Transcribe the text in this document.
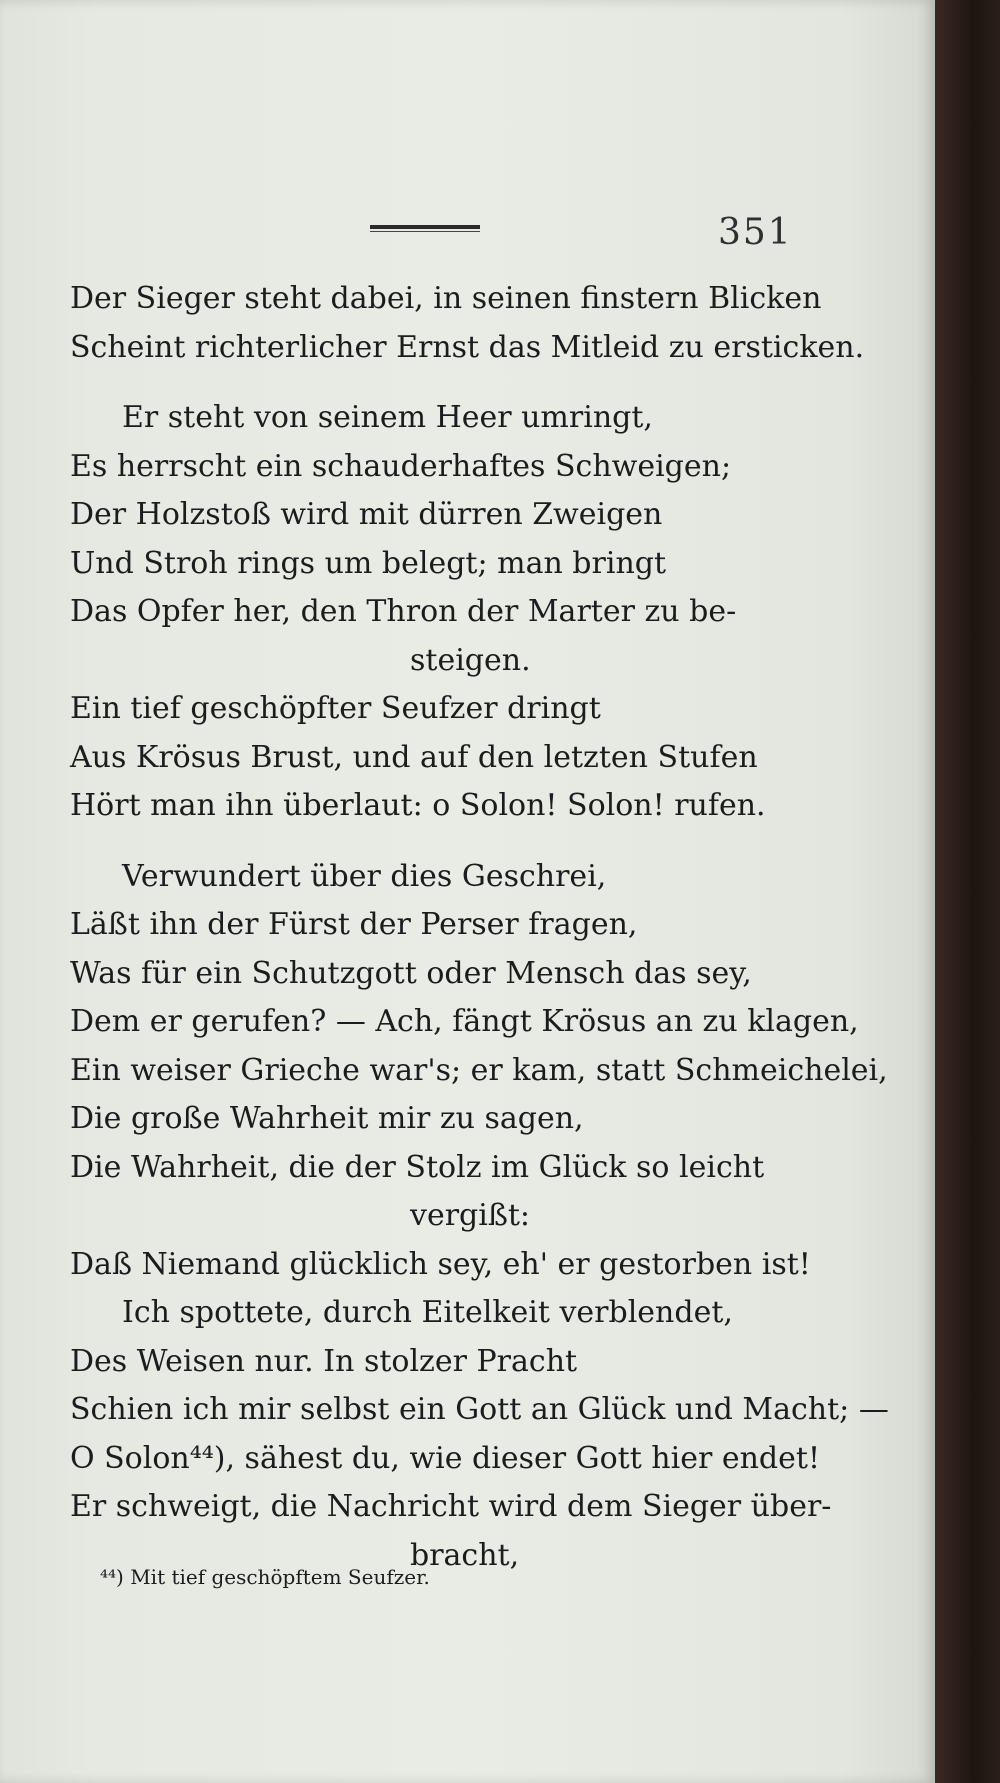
351
Der Sieger steht dabei, in seinen finstern Blicken
Scheint richterlicher Ernst das Mitleid zu ersticken.
Er steht von seinem Heer umringt,
Es herrscht ein schauderhaftes Schweigen;
Der Holzstoß wird mit dürren Zweigen
Und Stroh rings um belegt; man bringt
Das Opfer her, den Thron der Marter zu be-
steigen.
Ein tief geschöpfter Seufzer dringt
Aus Krösus Brust, und auf den letzten Stufen
Hört man ihn überlaut: o Solon! Solon! rufen.
Verwundert über dies Geschrei,
Läßt ihn der Fürst der Perser fragen,
Was für ein Schutzgott oder Mensch das sey,
Dem er gerufen? — Ach, fängt Krösus an zu klagen,
Ein weiser Grieche war's; er kam, statt Schmeichelei,
Die große Wahrheit mir zu sagen,
Die Wahrheit, die der Stolz im Glück so leicht
vergißt:
Daß Niemand glücklich sey, eh' er gestorben ist!
Ich spottete, durch Eitelkeit verblendet,
Des Weisen nur. In stolzer Pracht
Schien ich mir selbst ein Gott an Glück und Macht; —
O Solon⁴⁴), sähest du, wie dieser Gott hier endet!
Er schweigt, die Nachricht wird dem Sieger über-
bracht,
⁴⁴) Mit tief geschöpftem Seufzer.
